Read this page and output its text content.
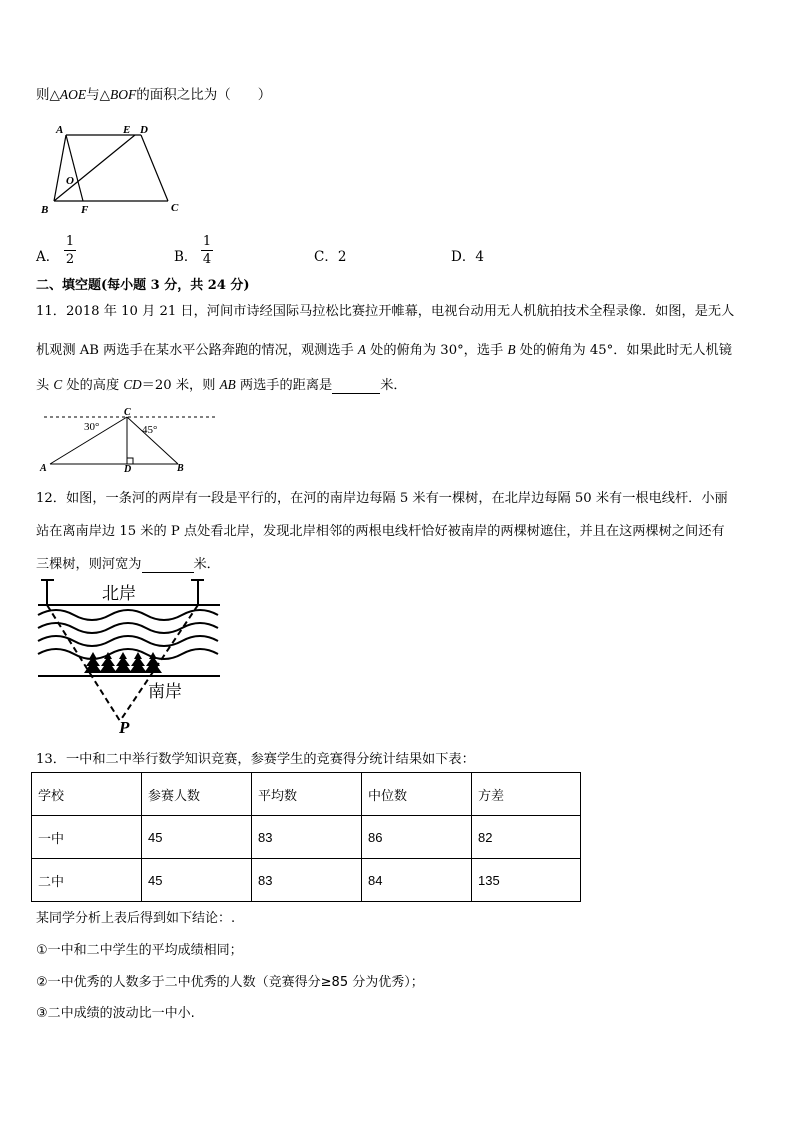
则△AOE与△BOF的面积之比为（　　）
A	E D
O
B	F	C
A．
1
2	B．
1
4	C．2	D．4
二、填空题(每小题 3 分，共 24 分)
11．2018 年 10 月 21 日，河间市诗经国际马拉松比赛拉开帷幕，电视台动用无人机航拍技术全程录像．如图，是无人
机观测 AB 两选手在某水平公路奔跑的情况，观测选手 A 处的俯角为 30°，选手 B 处的俯角为 45°．如果此时无人机镜
头 C 处的高度 CD＝20 米，则 AB 两选手的距离是	米．
C
A	D	B
30°	45°
12．如图，一条河的两岸有一段是平行的，在河的南岸边每隔 5 米有一棵树，在北岸边每隔 50 米有一根电线杆．小丽
站在离南岸边 15 米的 P 点处看北岸，发现北岸相邻的两根电线杆恰好被南岸的两棵树遮住，并且在这两棵树之间还有
三棵树，则河宽为	米．
北岸
南岸
P
13．一中和二中举行数学知识竞赛，参赛学生的竞赛得分统计结果如下表：
学校	参赛人数	平均数	中位数	方差
一中	45	83	86	82
二中	45	83	84	135
某同学分析上表后得到如下结论：.
①一中和二中学生的平均成绩相同；
②一中优秀的人数多于二中优秀的人数（竞赛得分≥85 分为优秀）；
③二中成绩的波动比一中小.
